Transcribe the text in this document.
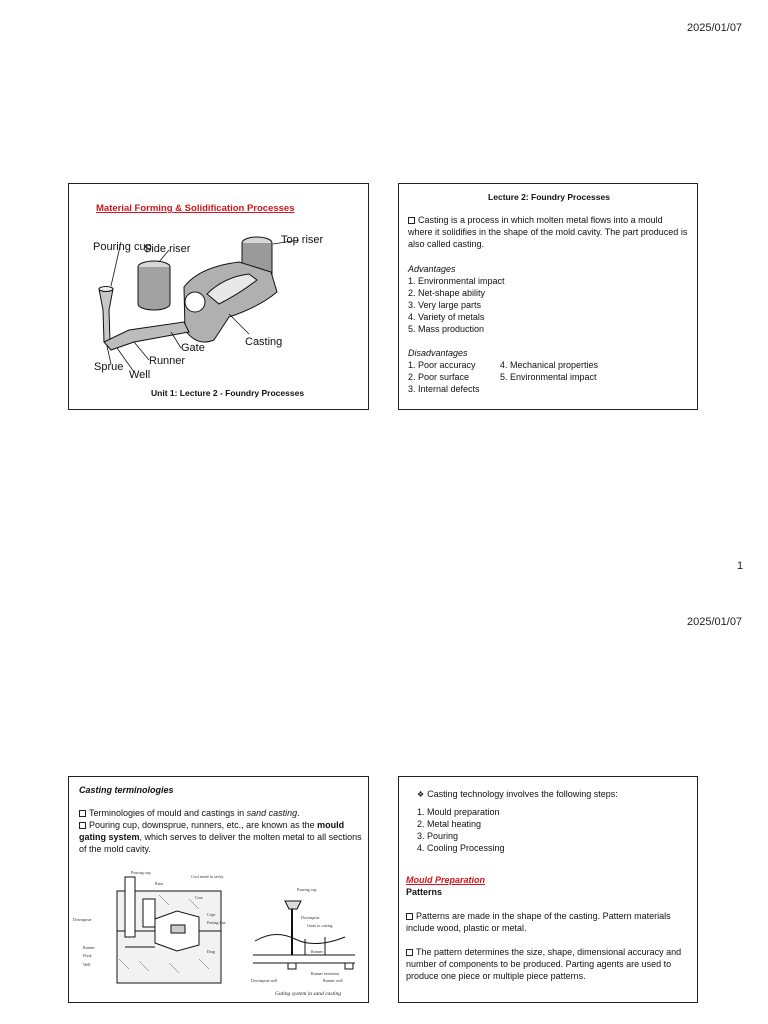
2025/01/07
Material Forming & Solidification Processes
Pouring cup
Side riser
Top riser
Gate	Casting
Runner
Sprue
Well
Unit 1: Lecture 2 - Foundry Processes
Lecture 2: Foundry Processes
Casting is a process in which molten metal flows into a mould where it solidifies in the shape of the mold cavity. The part produced is also called casting.
Advantages
1. Environmental impact
2. Net-shape ability
3. Very large parts
4. Variety of metals
5. Mass production
Disadvantages
1. Poor accuracy
2. Poor surface
3. Internal defects
4. Mechanical properties
5. Environmental impact
1
2025/01/07
Casting terminologies
Terminologies of mould and castings in sand casting.
Pouring cup, downsprue, runners, etc., are known as the mould gating system, which serves to deliver the molten metal to all sections of the mold cavity.
Pouring cup
Riser
Cool metal in cavity
Core
Cope
Parting line
Drag
Downsprue
Runner
Flask
Well
Pouring cup
Downsprue
Gates to casting
Runner
Runner extension
Downsprue well	Runner well
Gating system in sand casting
❖ Casting technology involves the following steps:
1. Mould preparation
2. Metal heating
3. Pouring
4. Cooling Processing
Mould Preparation
Patterns
Patterns are made in the shape of the casting. Pattern materials include wood, plastic or metal.
The pattern determines the size, shape, dimensional accuracy and number of components to be produced. Parting agents are used to produce one piece or multiple piece patterns.
